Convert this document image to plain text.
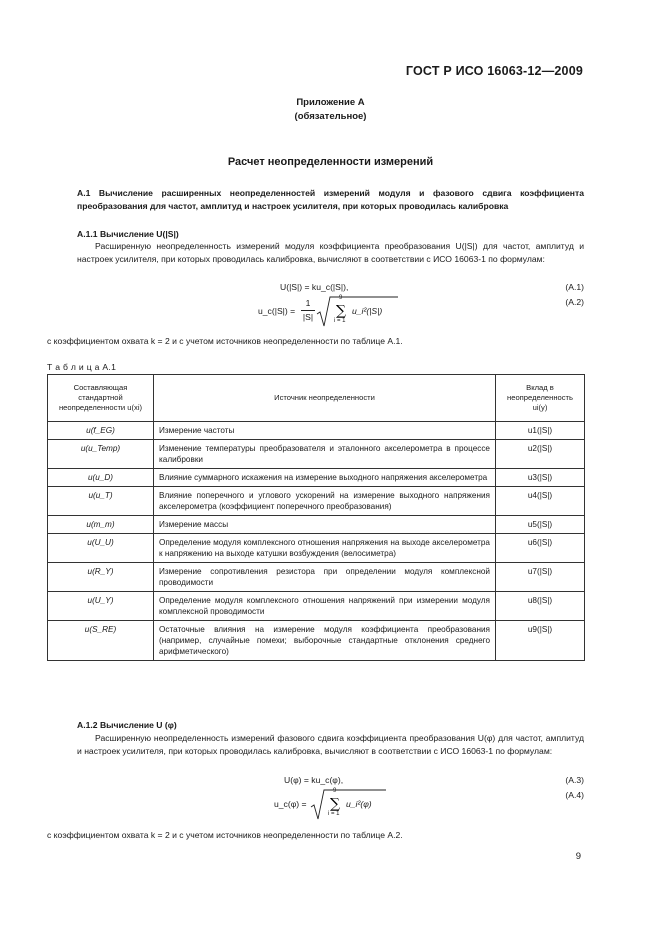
ГОСТ Р ИСО 16063-12—2009
Приложение А
(обязательное)
Расчет неопределенности измерений
А.1 Вычисление расширенных неопределенностей измерений модуля и фазового сдвига коэффициента преобразования для частот, амплитуд и настроек усилителя, при которых проводилась калибровка
А.1.1 Вычисление U(|S|)
Расширенную неопределенность измерений модуля коэффициента преобразования U(|S|) для частот, амплитуд и настроек усилителя, при которых проводилась калибровка, вычисляют в соответствии с ИСО 16063-1 по формулам:
U(|S|) = ku_c(|S|),	(А.1)
u_c(|S|) =
1
|S| ∑
9
i = 1
u_i²(|S|)
(А.2)
с коэффициентом охвата k = 2 и с учетом источников неопределенности по таблице А.1.
Т а б л и ц а А.1
Составляющая стандартной неопределенности u(xi)	Источник неопределенности	Вклад в неопределенность ui(y)
u(f_EG)	Измерение частоты	u1(|S|)
u(u_Temp)	Изменение температуры преобразователя и эталонного акселерометра в процессе калибровки	u2(|S|)
u(u_D)	Влияние суммарного искажения на измерение выходного напряжения акселерометра	u3(|S|)
u(u_T)	Влияние поперечного и углового ускорений на измерение выходного напряжения акселерометра (коэффициент поперечного преобразования)	u4(|S|)
u(m_m)	Измерение массы	u5(|S|)
u(U_U)	Определение модуля комплексного отношения напряжения на выходе акселерометра к напряжению на выходе катушки возбуждения (велосиметра)	u6(|S|)
u(R_Y)	Измерение сопротивления резистора при определении модуля комплексной проводимости	u7(|S|)
u(U_Y)	Определение модуля комплексного отношения напряжений при измерении модуля комплексной проводимости	u8(|S|)
u(S_RE)	Остаточные влияния на измерение модуля коэффициента преобразования (например, случайные помехи; выборочные стандартные отклонения среднего арифметического)	u9(|S|)
А.1.2 Вычисление U (φ)
Расширенную неопределенность измерений фазового сдвига коэффициента преобразования U(φ) для частот, амплитуд и настроек усилителя, при которых проводилась калибровка, вычисляют в соответствии с ИСО 16063-1 по формулам:
U(φ) = ku_c(φ),	(А.3)
u_c(φ) = ∑
9
i = 1
u_i²(φ)
(А.4)
с коэффициентом охвата k = 2 и с учетом источников неопределенности по таблице А.2.
9
